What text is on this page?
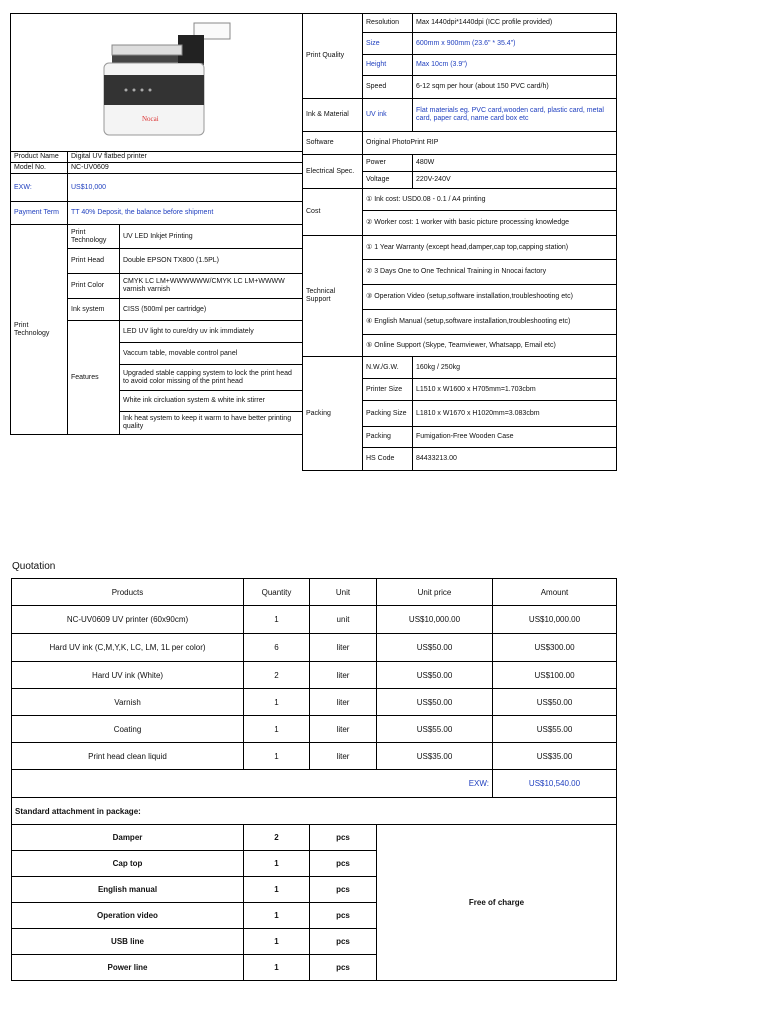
Nocai		

Product Name	Digital UV flatbed printer	
Model No.	NC-UV0609	
EXW:	US$10,000	
Payment Term	TT 40% Deposit, the balance before shipment	
Print Technology	Print Technology	UV LED Inkjet Printing
	Print Head	Double EPSON TX800 (1.5PL)
	Print Color	CMYK LC LM+WWWWWW/CMYK LC LM+WWWW varnish varnish
	Ink system	CISS (500ml per cartridge)
	Features	LED UV light to cure/dry uv ink immdiately
		Vaccum table, movable control panel
		Upgraded stable capping system to lock the print head to avoid color missing of the print head
		White ink circluation system & white ink stirrer
		Ink heat system to keep it warm to have better printing quality
Print Quality	Resolution	Max 1440dpi*1440dpi (ICC profile provided)
	Size	600mm x 900mm (23.6" * 35.4")
	Height	Max 10cm (3.9")
	Speed	6-12 sqm per hour (about 150 PVC card/h)
Ink & Material	UV ink	Flat materials eg. PVC card,wooden card, plastic card, metal card, paper card, name card box etc
Software	Original PhotoPrint RIP	
Electrical Spec.	Power	480W
	Voltage	220V-240V
Cost	① Ink cost: USD0.08 - 0.1 / A4 printing	
	② Worker cost: 1 worker with basic picture processing knowledge	
Technical Support	① 1 Year Warranty (except head,damper,cap top,capping station)	
	② 3 Days One to One Technical Training in Nnocai factory	
	③ Operation Video (setup,software installation,troubleshooting etc)	
	④ English Manual (setup,software installation,troubleshooting etc)	
	⑤ Online Support (Skype, Teamviewer, Whatsapp, Email etc)	
Packing	N.W./G.W.	160kg / 250kg
	Printer Size	L1510 x W1600 x H705mm=1.703cbm
	Packing Size	L1810 x W1670 x H1020mm=3.083cbm
	Packing	Fumigation-Free Wooden Case
	HS Code	84433213.00
Quotation
Products	Quantity	Unit	Unit price	Amount
NC-UV0609 UV printer (60x90cm)	1	unit	US$10,000.00	US$10,000.00
Hard UV ink (C,M,Y,K, LC, LM, 1L per color)	6	liter	US$50.00	US$300.00
Hard UV ink (White)	2	liter	US$50.00	US$100.00
Varnish	1	liter	US$50.00	US$50.00
Coating	1	liter	US$55.00	US$55.00
Print head clean liquid	1	liter	US$35.00	US$35.00
EXW:				US$10,540.00
Standard attachment in package:				
Damper	2	pcs	Free of charge	
Cap top	1	pcs		
English manual	1	pcs		
Operation video	1	pcs		
USB line	1	pcs		
Power line	1	pcs		
